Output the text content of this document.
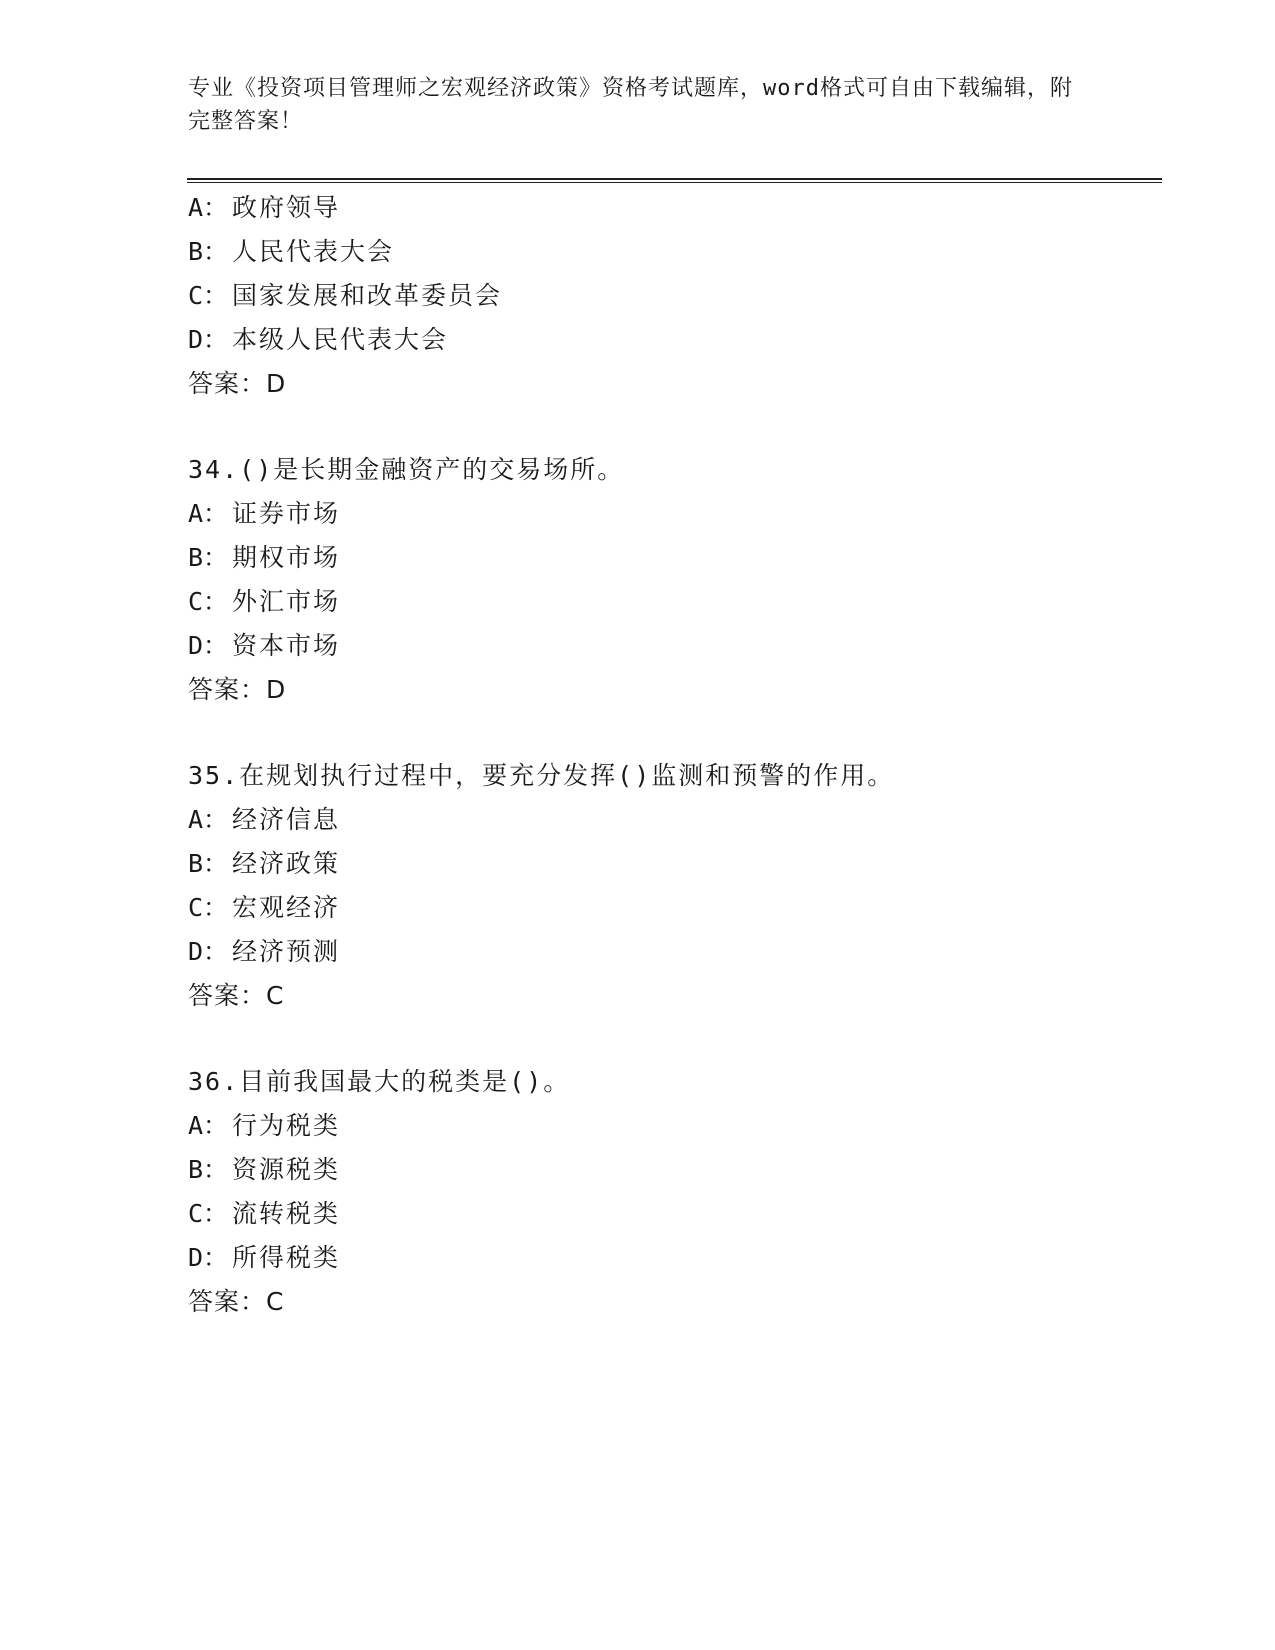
专业《投资项目管理师之宏观经济政策》资格考试题库，word格式可自由下载编辑，附完整答案！
A： 政府领导
B： 人民代表大会
C： 国家发展和改革委员会
D： 本级人民代表大会
答案：D
34.()是长期金融资产的交易场所。
A： 证券市场
B： 期权市场
C： 外汇市场
D： 资本市场
答案：D
35.在规划执行过程中，要充分发挥()监测和预警的作用。
A： 经济信息
B： 经济政策
C： 宏观经济
D： 经济预测
答案：C
36.目前我国最大的税类是()。
A： 行为税类
B： 资源税类
C： 流转税类
D： 所得税类
答案：C
